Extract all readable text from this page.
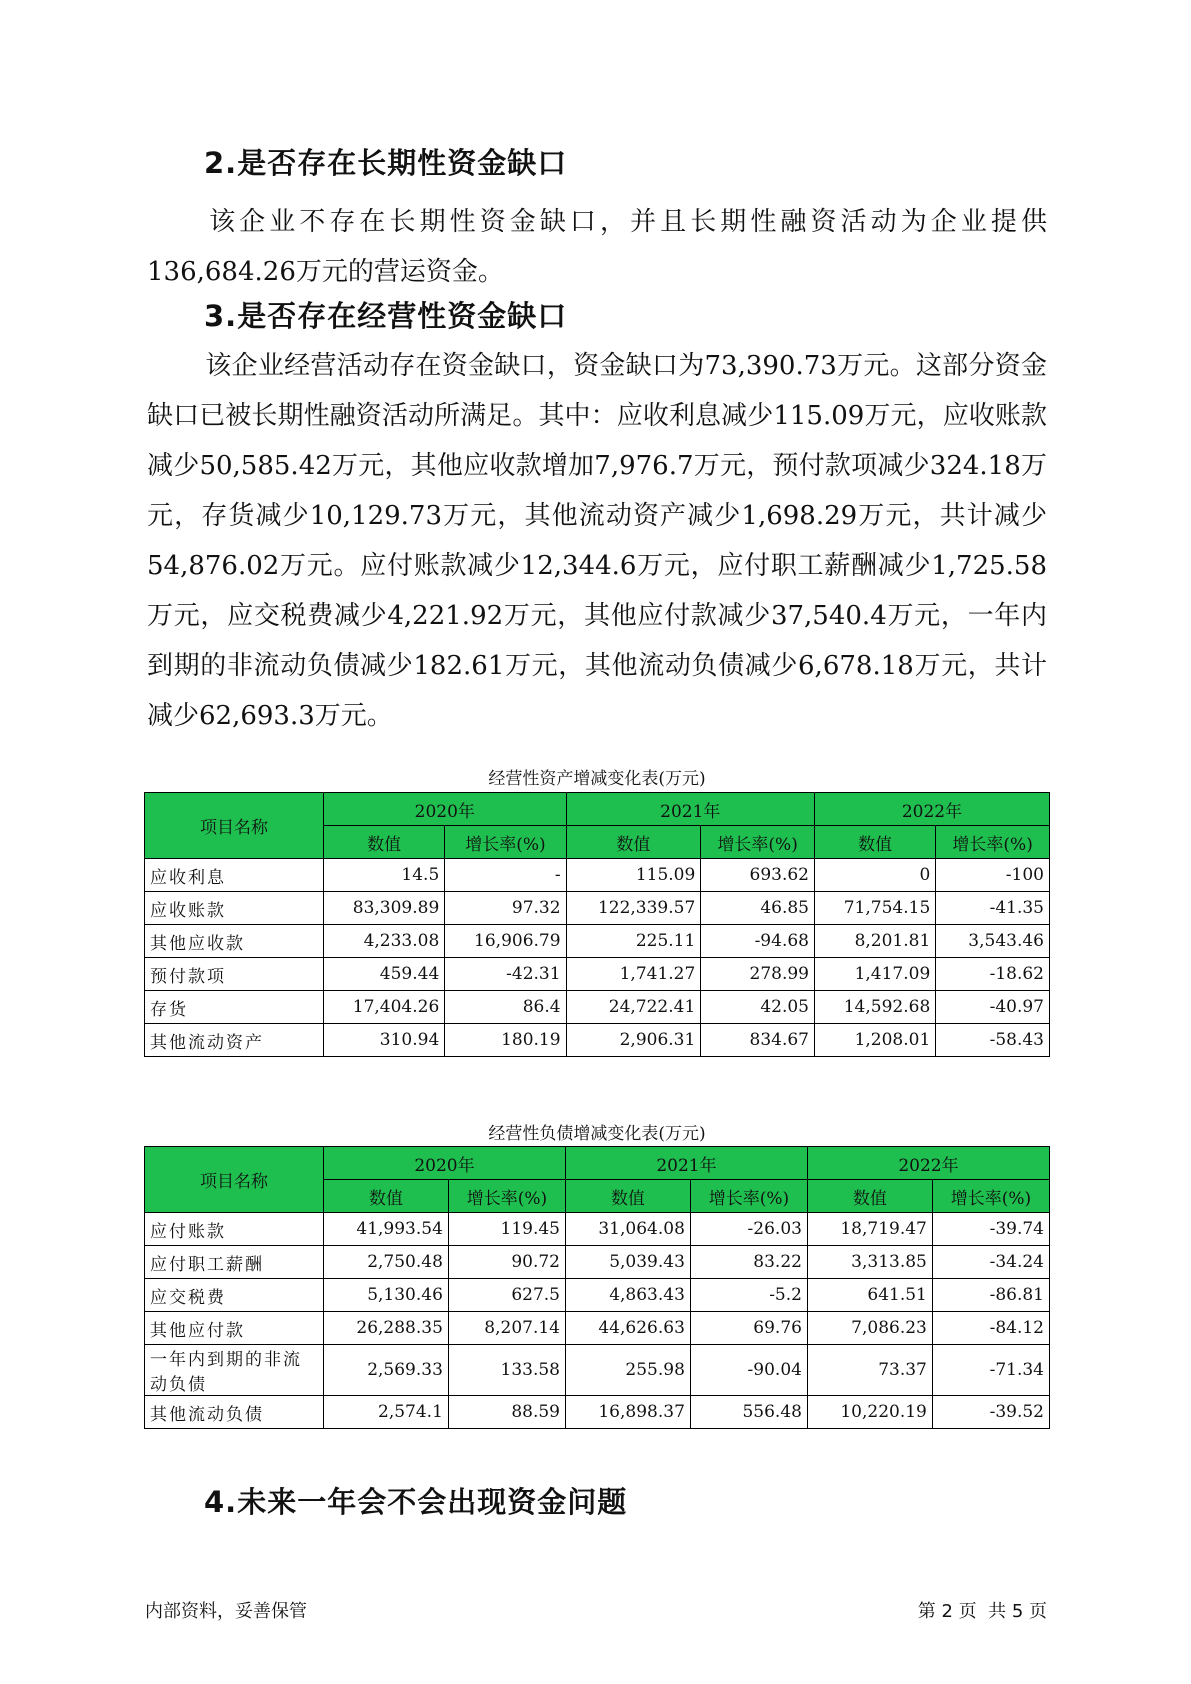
2.是否存在长期性资金缺口

该企业不存在长期性资金缺口，并且长期性融资活动为企业提供136,684.26万元的营运资金。

3.是否存在经营性资金缺口

该企业经营活动存在资金缺口，资金缺口为73,390.73万元。这部分资金缺口已被长期性融资活动所满足。其中：应收利息减少115.09万元，应收账款减少50,585.42万元，其他应收款增加7,976.7万元，预付款项减少324.18万元，存货减少10,129.73万元，其他流动资产减少1,698.29万元，共计减少54,876.02万元。应付账款减少12,344.6万元，应付职工薪酬减少1,725.58万元，应交税费减少4,221.92万元，其他应付款减少37,540.4万元，一年内到期的非流动负债减少182.61万元，其他流动负债减少6,678.18万元，共计减少62,693.3万元。

经营性资产增减变化表(万元)
项目名称	2020年		2021年		2022年	
	数值	增长率(%)	数值	增长率(%)	数值	增长率(%)
应收利息	14.5	-	115.09	693.62	0	-100
应收账款	83,309.89	97.32	122,339.57	46.85	71,754.15	-41.35
其他应收款	4,233.08	16,906.79	225.11	-94.68	8,201.81	3,543.46
预付款项	459.44	-42.31	1,741.27	278.99	1,417.09	-18.62
存货	17,404.26	86.4	24,722.41	42.05	14,592.68	-40.97
其他流动资产	310.94	180.19	2,906.31	834.67	1,208.01	-58.43
经营性负债增减变化表(万元)
项目名称	2020年		2021年		2022年	
	数值	增长率(%)	数值	增长率(%)	数值	增长率(%)
应付账款	41,993.54	119.45	31,064.08	-26.03	18,719.47	-39.74
应付职工薪酬	2,750.48	90.72	5,039.43	83.22	3,313.85	-34.24
应交税费	5,130.46	627.5	4,863.43	-5.2	641.51	-86.81
其他应付款	26,288.35	8,207.14	44,626.63	69.76	7,086.23	-84.12
一年内到期的非流动负债	2,569.33	133.58	255.98	-90.04	73.37	-71.34
其他流动负债	2,574.1	88.59	16,898.37	556.48	10,220.19	-39.52
4.未来一年会不会出现资金问题
内部资料，妥善保管	第 2 页  共 5 页
